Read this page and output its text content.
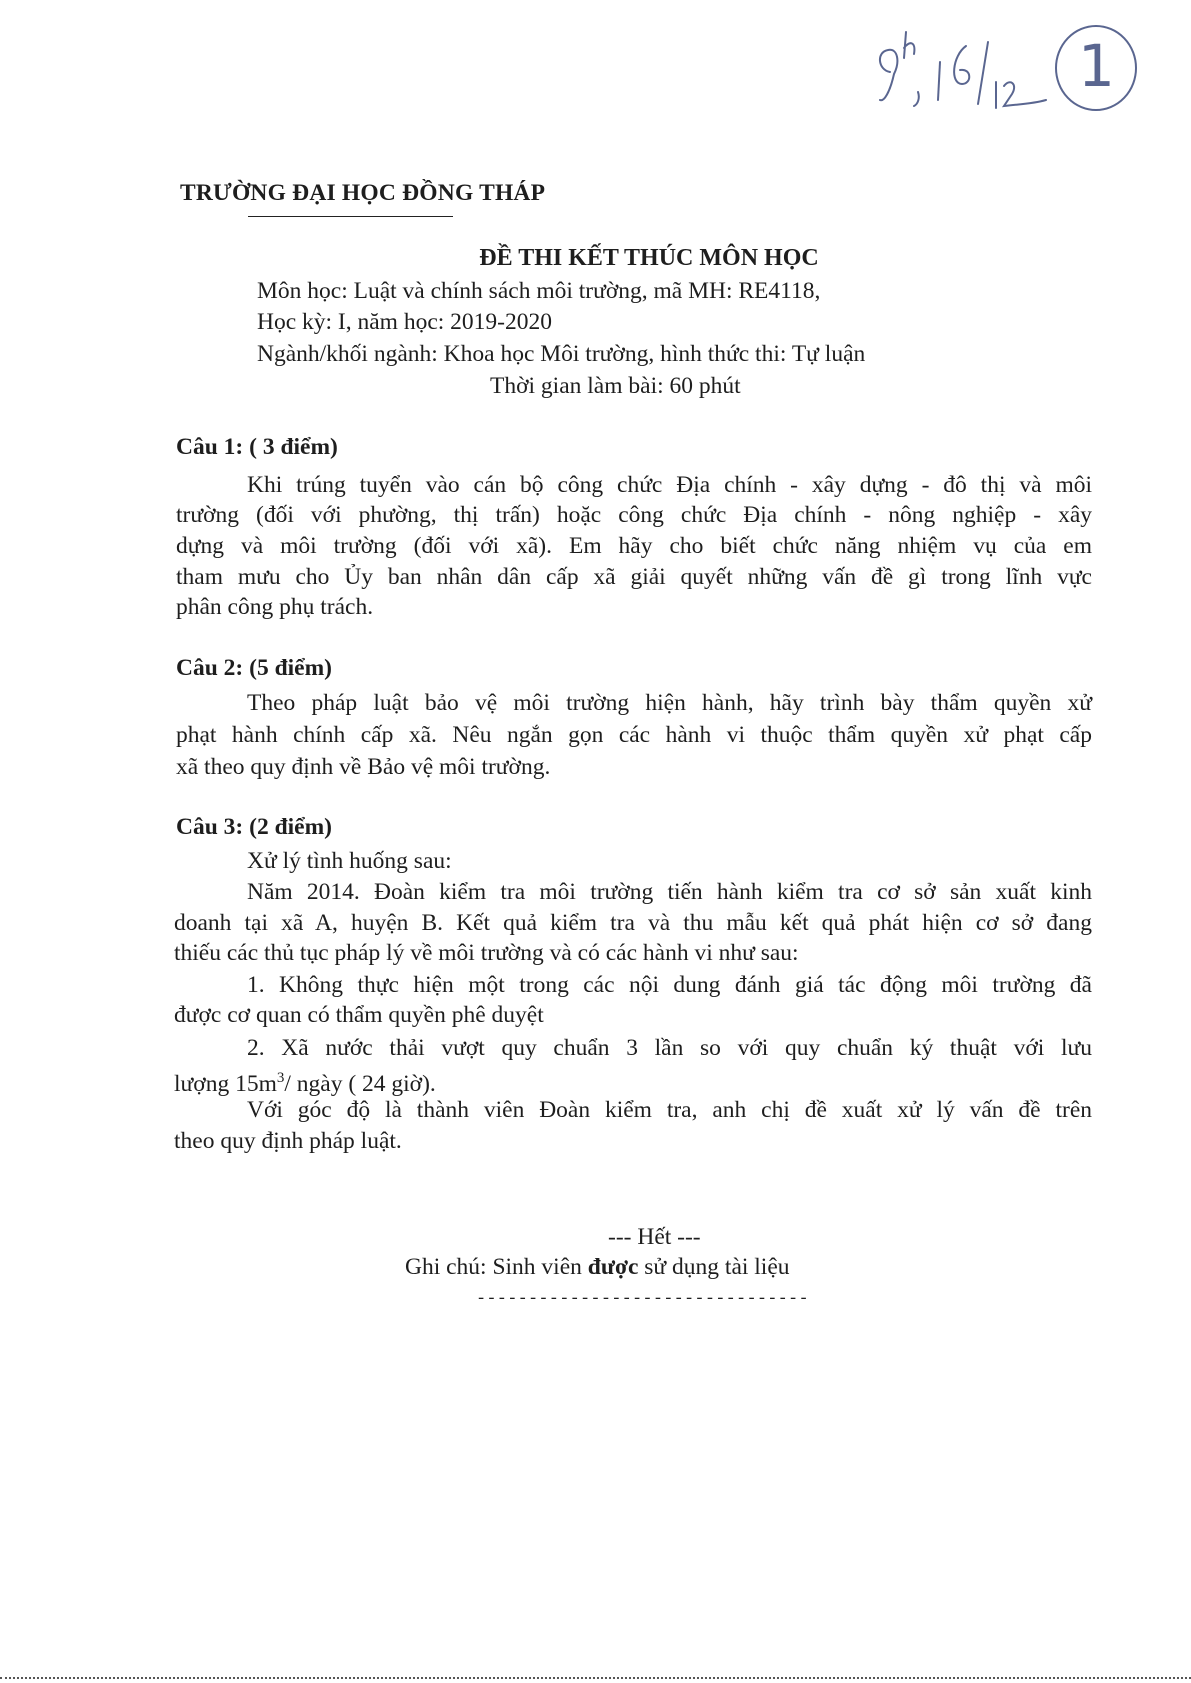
1
TRƯỜNG ĐẠI HỌC ĐỒNG THÁP
ĐỀ THI KẾT THÚC MÔN HỌC
Môn học: Luật và chính sách môi trường, mã MH: RE4118,
Học kỳ: I, năm học: 2019-2020
Ngành/khối ngành: Khoa học Môi trường, hình thức thi: Tự luận
Thời gian làm bài: 60 phút
Câu 1: ( 3 điểm)
Khi trúng tuyển vào cán bộ công chức Địa chính - xây dựng - đô thị và môi
trường (đối với phường, thị trấn) hoặc công chức Địa chính - nông nghiệp - xây
dựng và môi trường (đối với xã). Em hãy cho biết chức năng nhiệm vụ của em
tham mưu cho Ủy ban nhân dân cấp xã giải quyết những vấn đề gì trong lĩnh vực
phân công phụ trách.
Câu 2: (5 điểm)
Theo pháp luật bảo vệ môi trường hiện hành, hãy trình bày thẩm quyền xử
phạt hành chính cấp xã. Nêu ngắn gọn các hành vi thuộc thẩm quyền xử phạt cấp
xã theo quy định về Bảo vệ môi trường.
Câu 3: (2 điểm)
Xử lý tình huống sau:
Năm 2014. Đoàn kiểm tra môi trường tiến hành kiểm tra cơ sở sản xuất kinh
doanh tại xã A, huyện B. Kết quả kiểm tra và thu mẫu kết quả phát hiện cơ sở đang
thiếu các thủ tục pháp lý về môi trường và có các hành vi như sau:
1. Không thực hiện một trong các nội dung đánh giá tác động môi trường đã
được cơ quan có thẩm quyền phê duyệt
2. Xã nước thải vượt quy chuẩn 3 lần so với quy chuẩn ký thuật với lưu
lượng $15m^3/$ ngày ( 24 giờ).
Với góc độ là thành viên Đoàn kiểm tra, anh chị đề xuất xử lý vấn đề trên
theo quy định pháp luật.
--- Hết ---
Ghi chú: Sinh viên được sử dụng tài liệu
--------------------------------
